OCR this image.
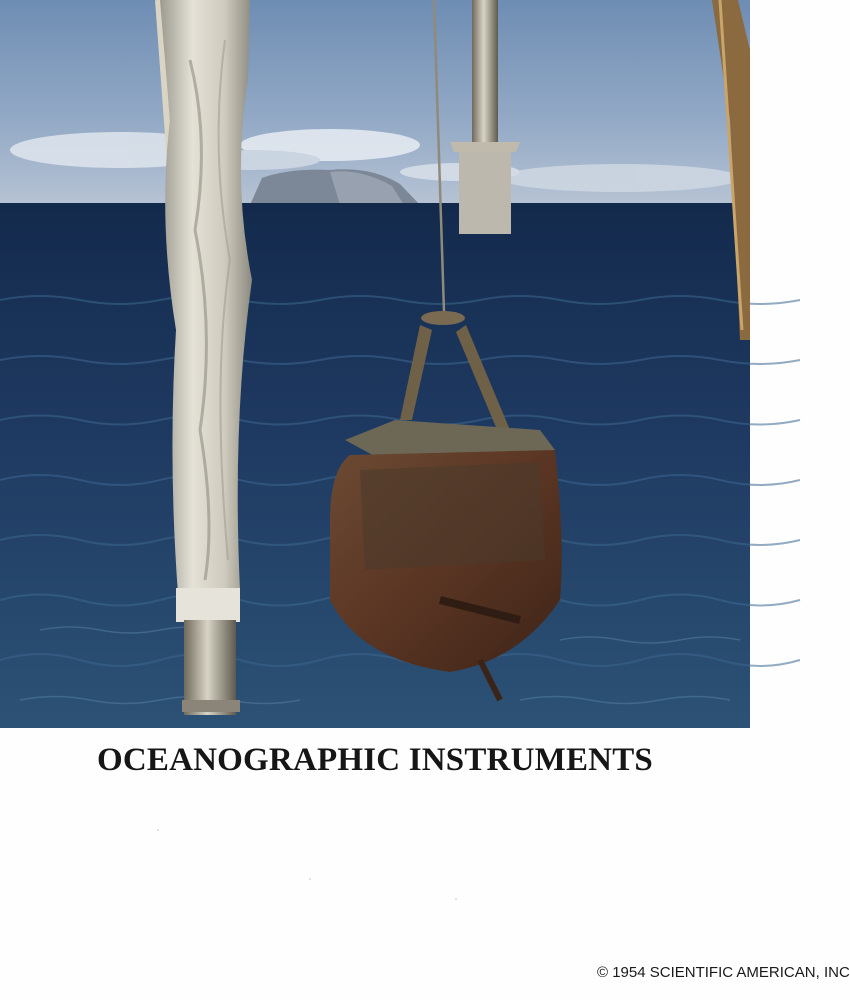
OCEANOGRAPHIC INSTRUMENTS
© 1954 SCIENTIFIC AMERICAN, INC
